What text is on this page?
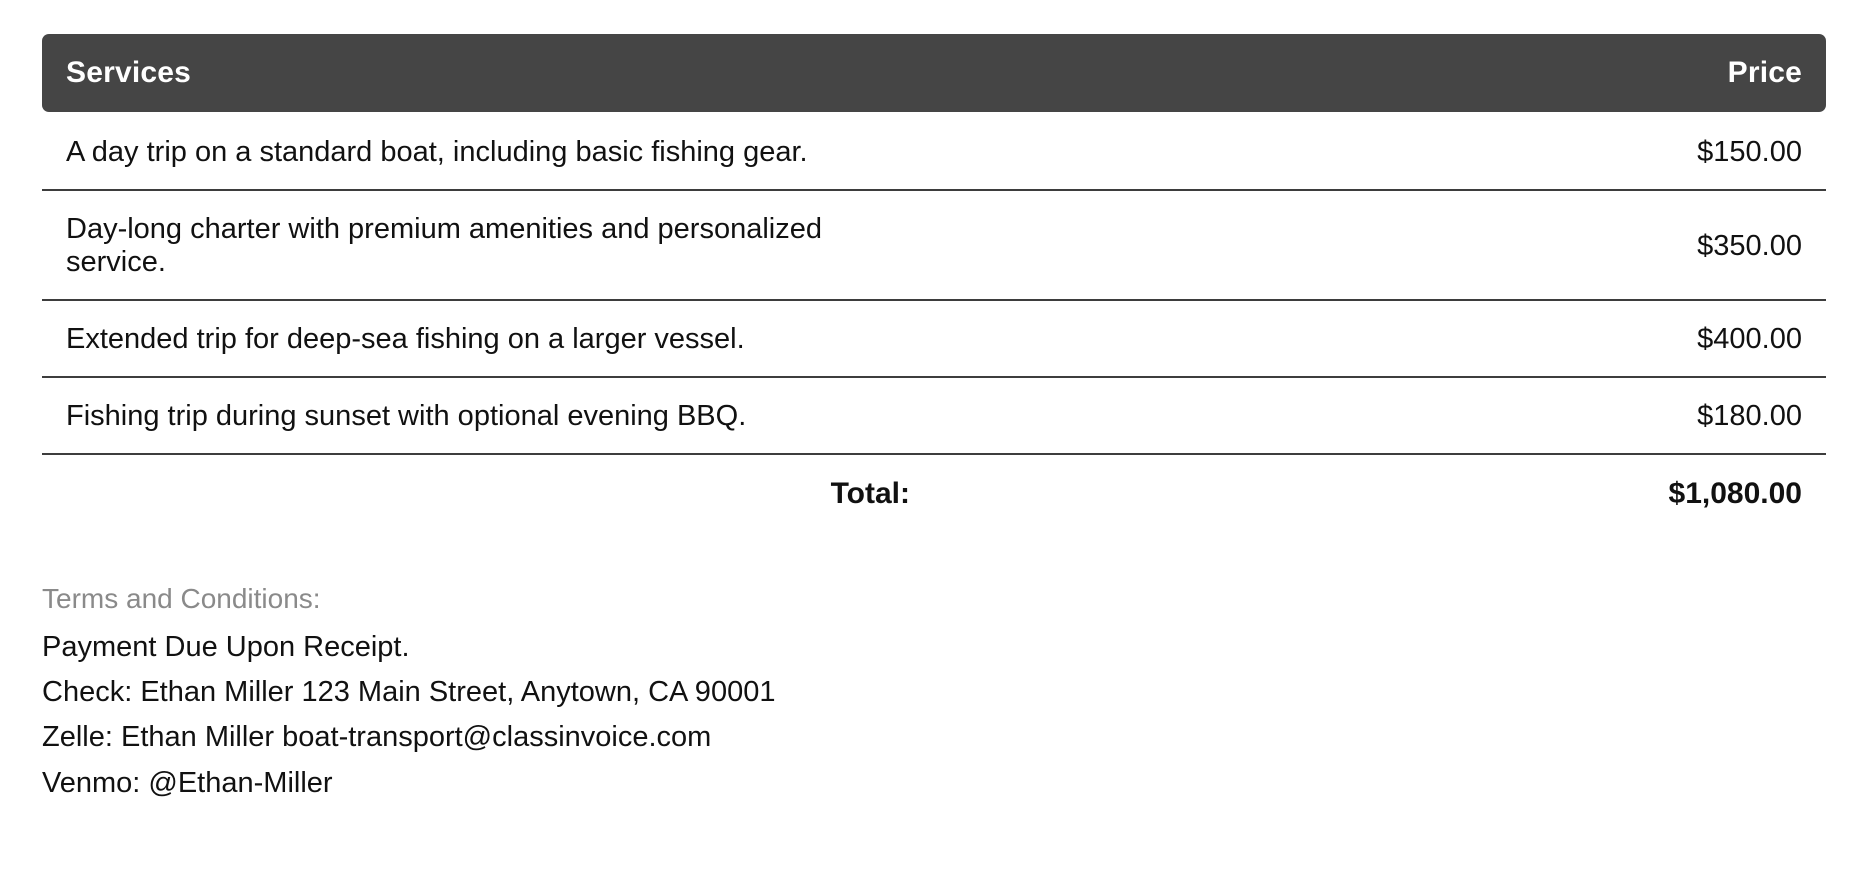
Services	Price
A day trip on a standard boat, including basic fishing gear.	$150.00
Day-long charter with premium amenities and personalized service.	$350.00
Extended trip for deep-sea fishing on a larger vessel.	$400.00
Fishing trip during sunset with optional evening BBQ.	$180.00
Total:	$1,080.00
Terms and Conditions:
Payment Due Upon Receipt.
Check: Ethan Miller 123 Main Street, Anytown, CA 90001
Zelle: Ethan Miller boat-transport@classinvoice.com
Venmo: @Ethan-Miller
